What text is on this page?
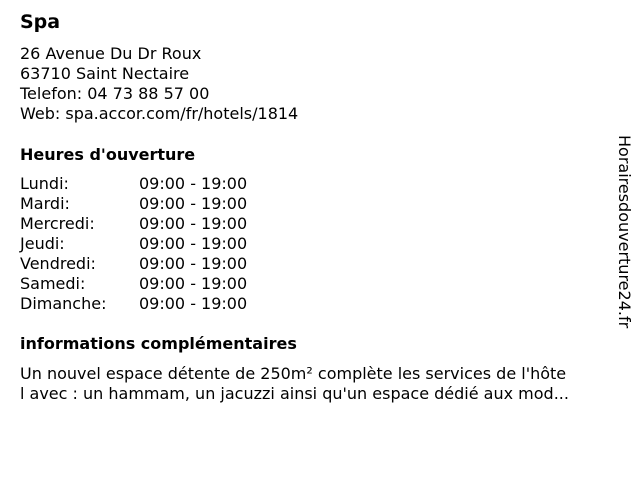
Spa
26 Avenue Du Dr Roux
63710 Saint Nectaire
Telefon: 04 73 88 57 00
Web: spa.accor.com/fr/hotels/1814
Heures d'ouverture
Lundi:	09:00 - 19:00
Mardi:	09:00 - 19:00
Mercredi:	09:00 - 19:00
Jeudi:	09:00 - 19:00
Vendredi:	09:00 - 19:00
Samedi:	09:00 - 19:00
Dimanche: 09:00 - 19:00
informations complémentaires
Un nouvel espace détente de 250m² complète les services de l'hôte
l avec : un hammam, un jacuzzi ainsi qu'un espace dédié aux mod...
Horairesdouverture24.fr
